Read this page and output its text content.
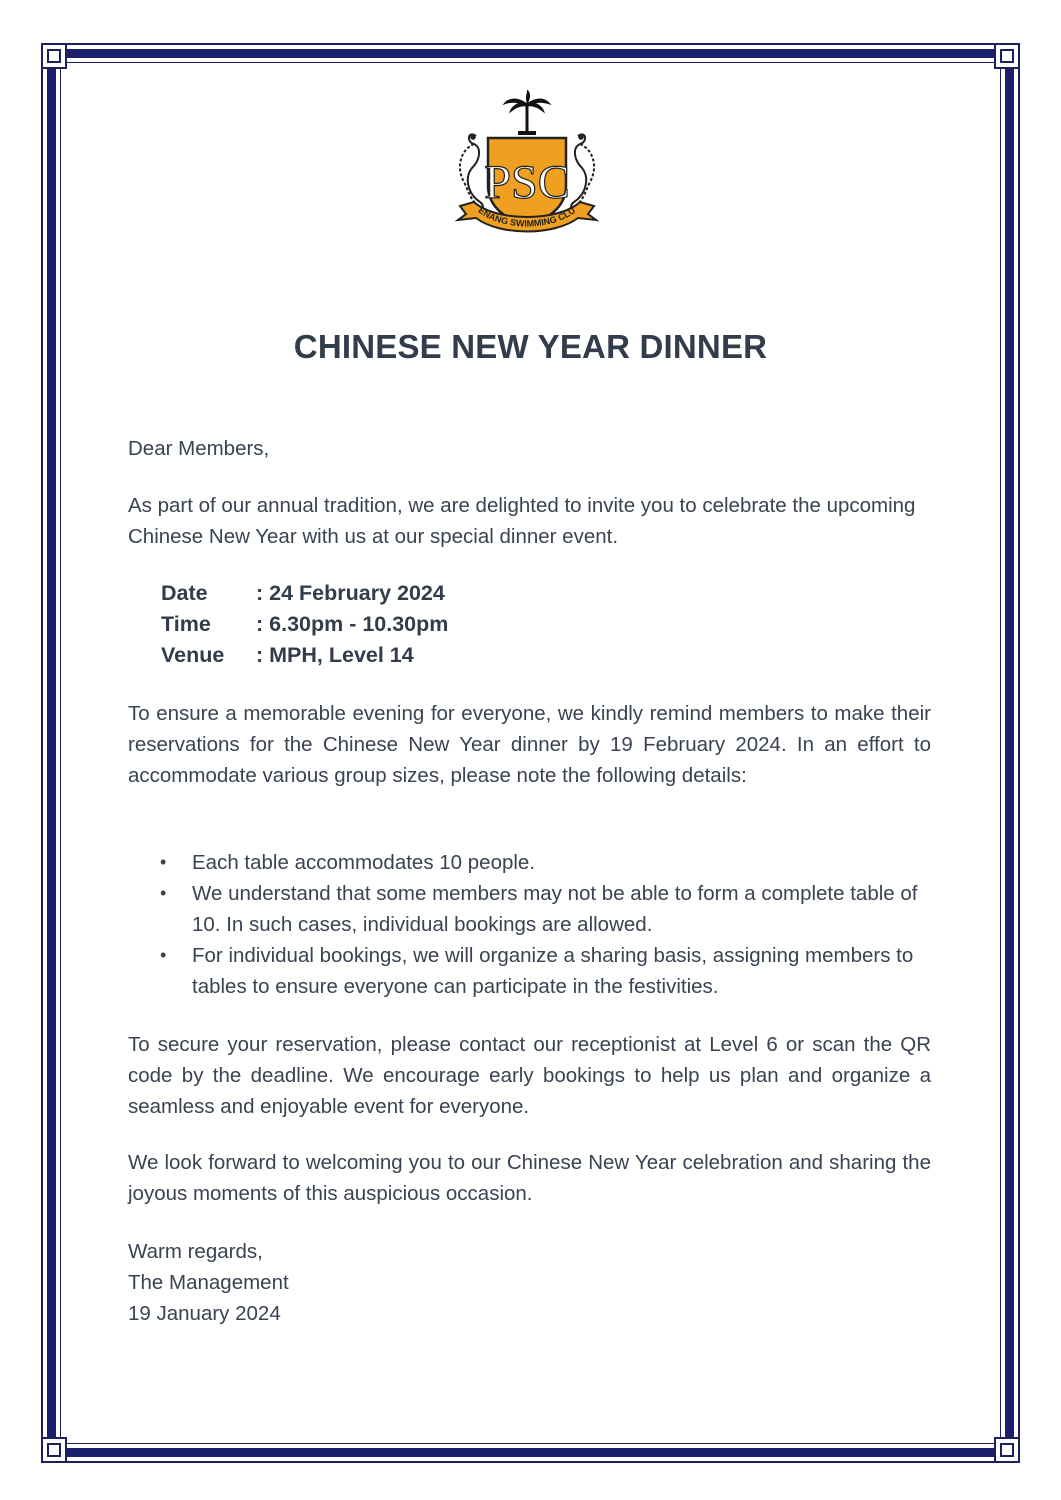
PSC
ENANG SWIMMING CLU
CHINESE NEW YEAR DINNER
Dear Members,
As part of our annual tradition, we are delighted to invite you to celebrate the upcoming Chinese New Year with us at our special dinner event.
Date	: 24 February 2024
Time	: 6.30pm - 10.30pm
Venue	: MPH, Level 14
To ensure a memorable evening for everyone, we kindly remind members to make their reservations for the Chinese New Year dinner by 19 February 2024. In an effort to accommodate various group sizes, please note the following details:
• Each table accommodates 10 people.
• We understand that some members may not be able to form a complete table of 10. In such cases, individual bookings are allowed.
• For individual bookings, we will organize a sharing basis, assigning members to tables to ensure everyone can participate in the festivities.
To secure your reservation, please contact our receptionist at Level 6 or scan the QR code by the deadline. We encourage early bookings to help us plan and organize a seamless and enjoyable event for everyone.
We look forward to welcoming you to our Chinese New Year celebration and sharing the joyous moments of this auspicious occasion.
Warm regards,
The Management
19 January 2024
